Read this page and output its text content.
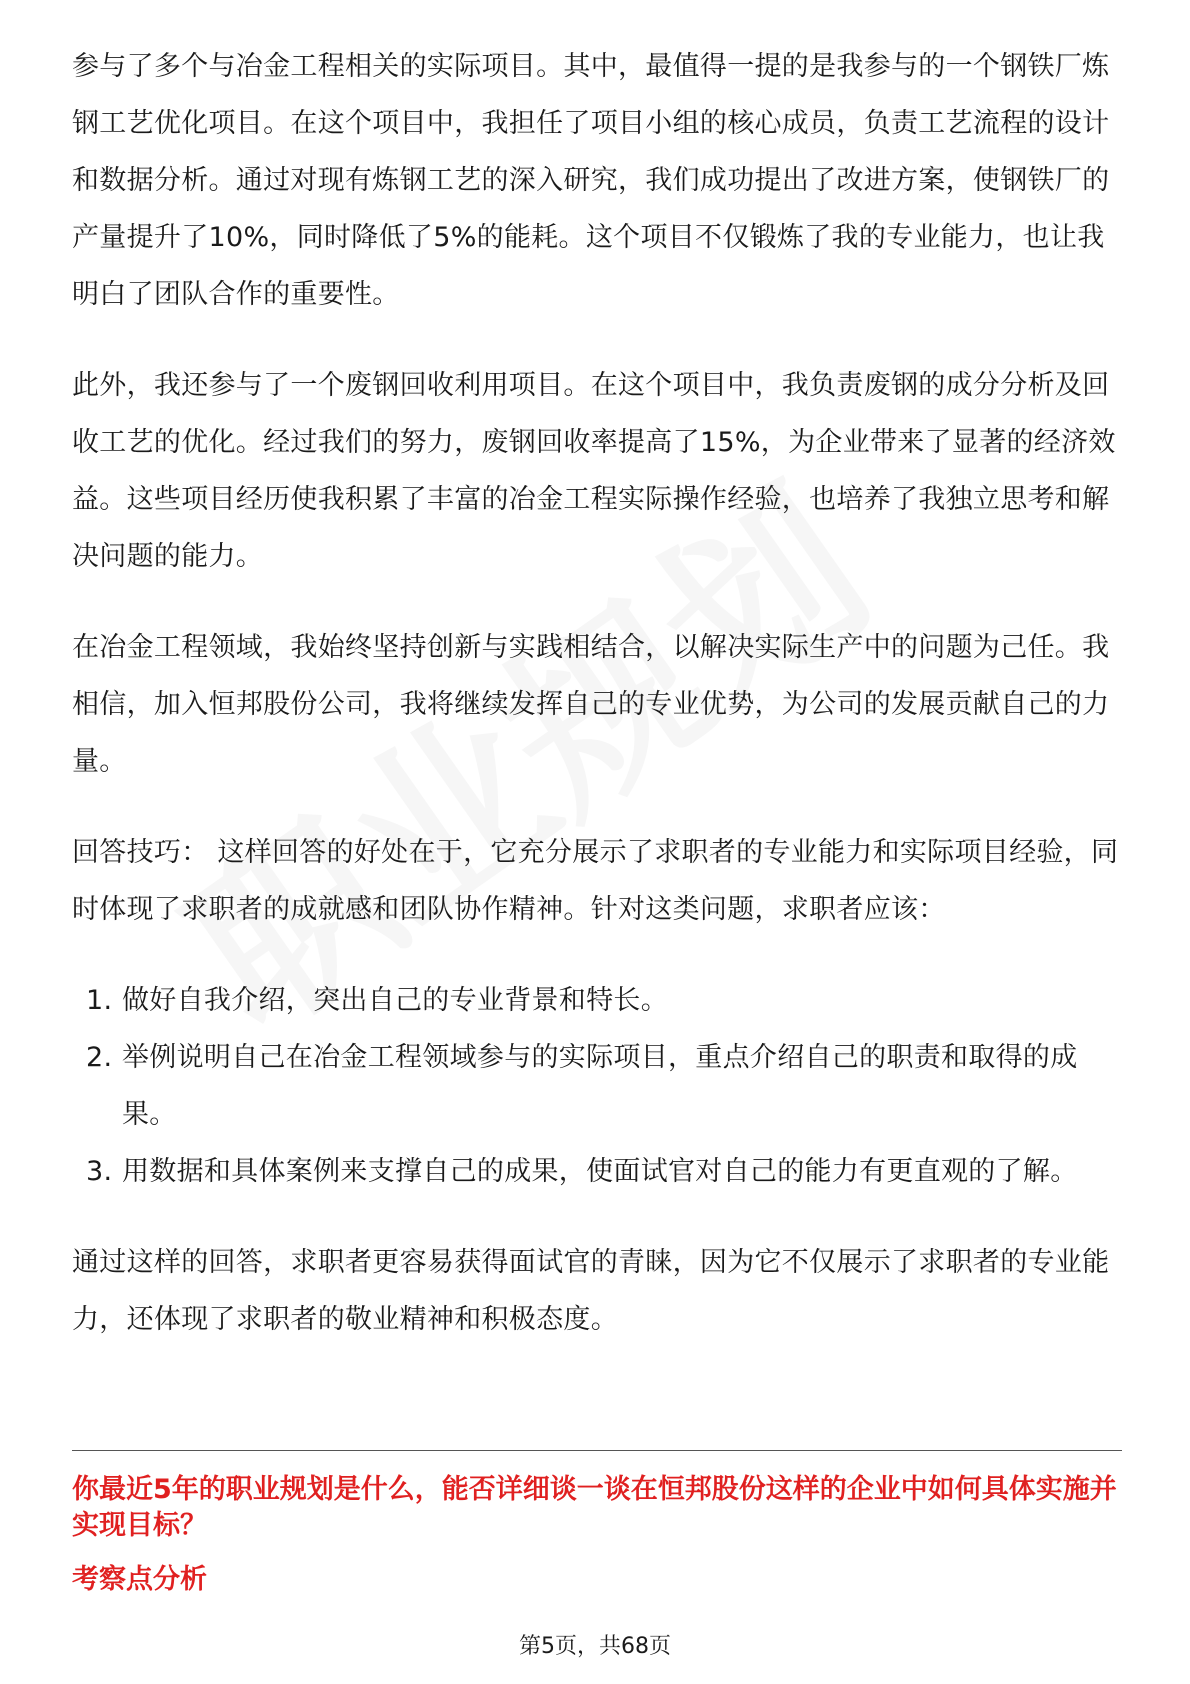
参与了多个与冶金工程相关的实际项目。其中，最值得一提的是我参与的一个钢铁厂炼钢工艺优化项目。在这个项目中，我担任了项目小组的核心成员，负责工艺流程的设计和数据分析。通过对现有炼钢工艺的深入研究，我们成功提出了改进方案，使钢铁厂的产量提升了10%，同时降低了5%的能耗。这个项目不仅锻炼了我的专业能力，也让我明白了团队合作的重要性。

此外，我还参与了一个废钢回收利用项目。在这个项目中，我负责废钢的成分分析及回收工艺的优化。经过我们的努力，废钢回收率提高了15%，为企业带来了显著的经济效益。这些项目经历使我积累了丰富的冶金工程实际操作经验，也培养了我独立思考和解决问题的能力。

在冶金工程领域，我始终坚持创新与实践相结合，以解决实际生产中的问题为己任。我相信，加入恒邦股份公司，我将继续发挥自己的专业优势，为公司的发展贡献自己的力量。

回答技巧： 这样回答的好处在于，它充分展示了求职者的专业能力和实际项目经验，同时体现了求职者的成就感和团队协作精神。针对这类问题，求职者应该：

1. 做好自我介绍，突出自己的专业背景和特长。
2. 举例说明自己在冶金工程领域参与的实际项目，重点介绍自己的职责和取得的成果。
3. 用数据和具体案例来支撑自己的成果，使面试官对自己的能力有更直观的了解。

通过这样的回答，求职者更容易获得面试官的青睐，因为它不仅展示了求职者的专业能力，还体现了求职者的敬业精神和积极态度。

你最近5年的职业规划是什么，能否详细谈一谈在恒邦股份这样的企业中如何具体实施并实现目标？

考察点分析

第5页，共68页
